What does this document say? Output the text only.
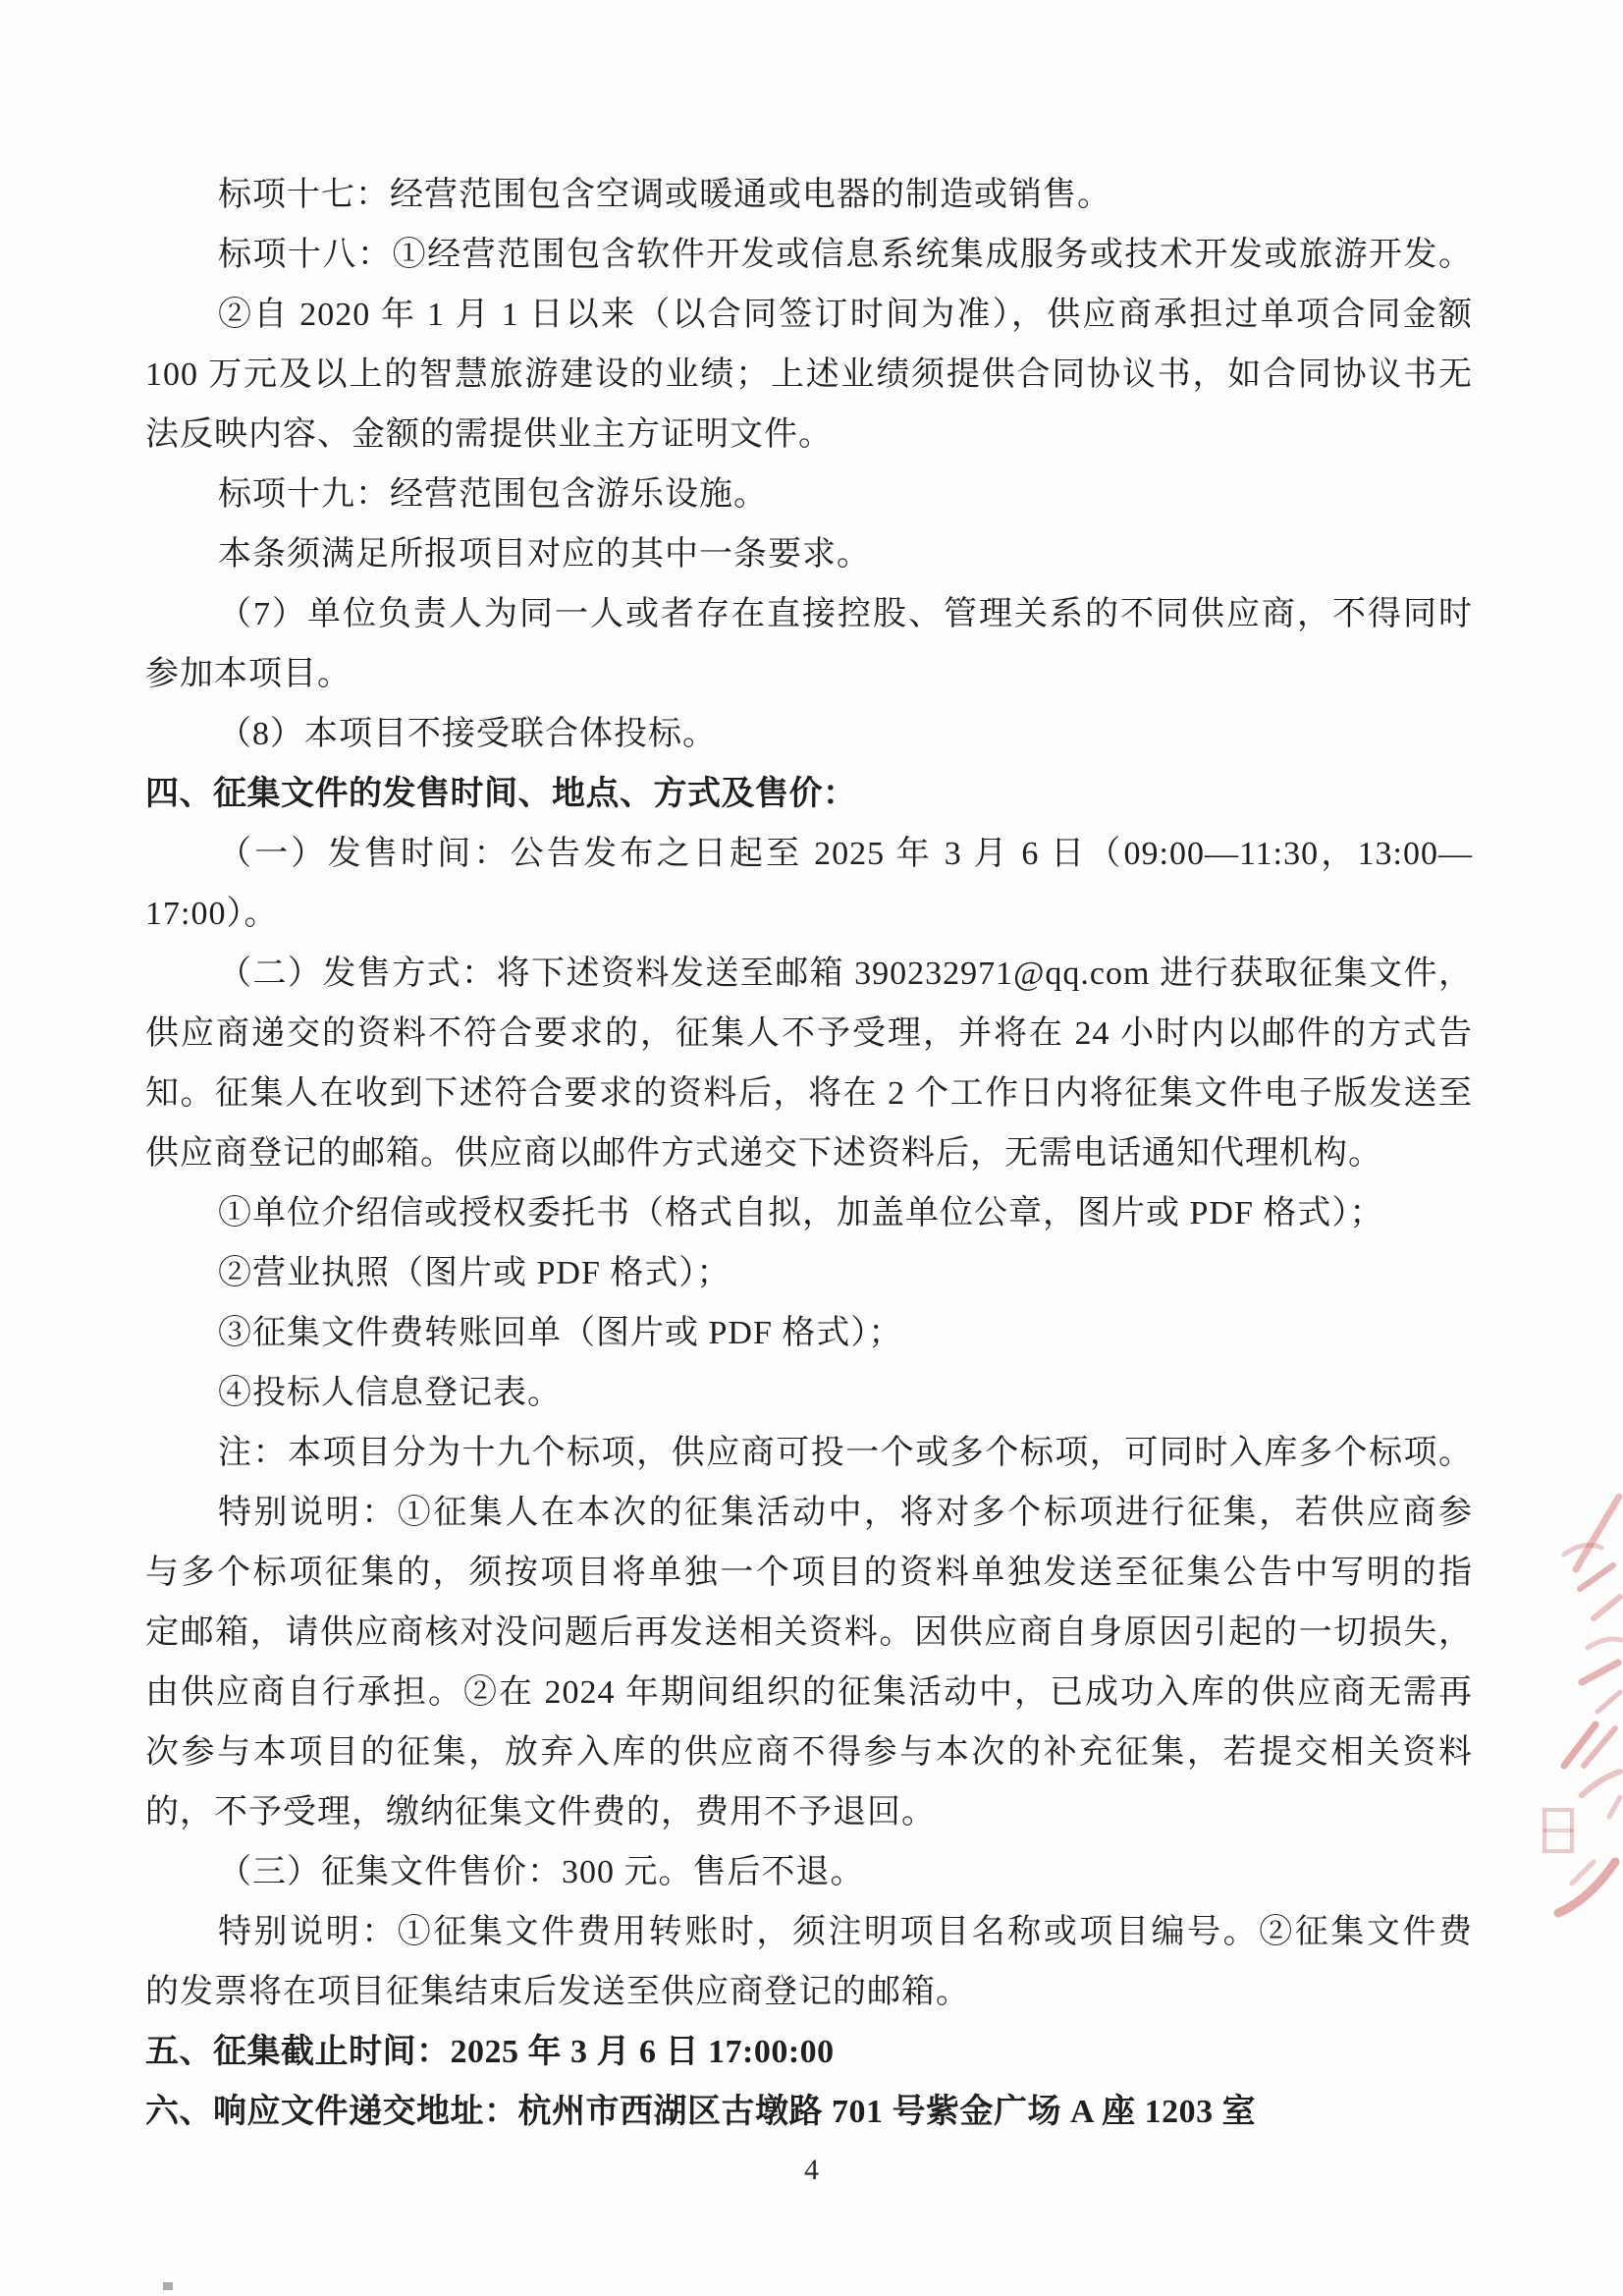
标项十七：经营范围包含空调或暖通或电器的制造或销售。

标项十八：①经营范围包含软件开发或信息系统集成服务或技术开发或旅游开发。

②自 2020 年 1 月 1 日以来（以合同签订时间为准），供应商承担过单项合同金额

100 万元及以上的智慧旅游建设的业绩；上述业绩须提供合同协议书，如合同协议书无

法反映内容、金额的需提供业主方证明文件。

标项十九：经营范围包含游乐设施。

本条须满足所报项目对应的其中一条要求。

（7）单位负责人为同一人或者存在直接控股、管理关系的不同供应商，不得同时

参加本项目。

（8）本项目不接受联合体投标。

四、征集文件的发售时间、地点、方式及售价：

（一）发售时间：公告发布之日起至 2025 年 3 月 6 日（09:00—11:30，13:00—

17:00）。

（二）发售方式：将下述资料发送至邮箱 390232971@qq.com 进行获取征集文件，

供应商递交的资料不符合要求的，征集人不予受理，并将在 24 小时内以邮件的方式告

知。征集人在收到下述符合要求的资料后，将在 2 个工作日内将征集文件电子版发送至

供应商登记的邮箱。供应商以邮件方式递交下述资料后，无需电话通知代理机构。

①单位介绍信或授权委托书（格式自拟，加盖单位公章，图片或 PDF 格式）；

②营业执照（图片或 PDF 格式）；

③征集文件费转账回单（图片或 PDF 格式）；

④投标人信息登记表。

注：本项目分为十九个标项，供应商可投一个或多个标项，可同时入库多个标项。

特别说明：①征集人在本次的征集活动中，将对多个标项进行征集，若供应商参

与多个标项征集的，须按项目将单独一个项目的资料单独发送至征集公告中写明的指

定邮箱，请供应商核对没问题后再发送相关资料。因供应商自身原因引起的一切损失，

由供应商自行承担。②在 2024 年期间组织的征集活动中，已成功入库的供应商无需再

次参与本项目的征集，放弃入库的供应商不得参与本次的补充征集，若提交相关资料

的，不予受理，缴纳征集文件费的，费用不予退回。

（三）征集文件售价：300 元。售后不退。

特别说明：①征集文件费用转账时，须注明项目名称或项目编号。②征集文件费

的发票将在项目征集结束后发送至供应商登记的邮箱。

五、征集截止时间：2025 年 3 月 6 日 17:00:00

六、响应文件递交地址：杭州市西湖区古墩路 701 号紫金广场 A 座 1203 室

4
